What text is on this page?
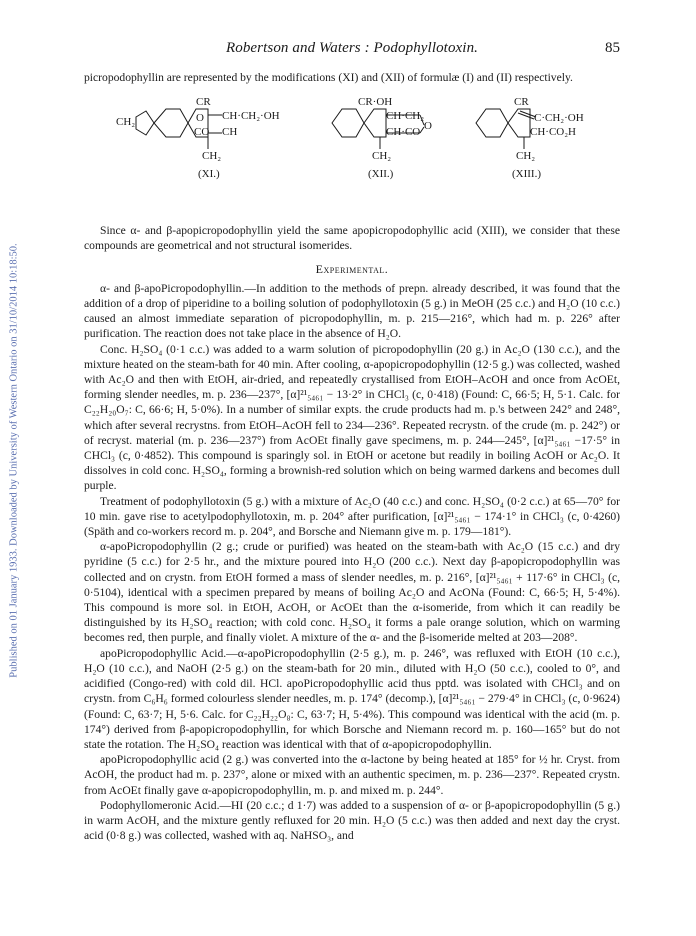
Published on 01 January 1933. Downloaded by University of Western Ontario on 31/10/2014 10:18:50.
Robertson and Waters : Podophyllotoxin.	85

picropodophyllin are represented by the modifications (XI) and (XII) of formulæ (I) and (II) respectively.

CH₂
CR
O CH·CH₂·OH
CO CH
CH₂
(XI.)
CR·OH
CH·CH₂
CH·CO O
CH₂
(XII.)
CR
C·CH₂·OH
CH·CO₂H
CH₂
(XIII.)

Since α- and β-apopicropodophyllin yield the same apopicropodophyllic acid (XIII), we consider that these compounds are geometrical and not structural isomerides.

Experimental.

α- and β-apoPicropodophyllin.—In addition to the methods of prepn. already described, it was found that the addition of a drop of piperidine to a boiling solution of podophyllotoxin (5 g.) in MeOH (25 c.c.) and H₂O (10 c.c.) caused an almost immediate separation of picropodophyllin, m. p. 215—216°, which had m. p. 226° after purification. The reaction does not take place in the absence of H₂O.

Conc. H₂SO₄ (0·1 c.c.) was added to a warm solution of picropodophyllin (20 g.) in Ac₂O (130 c.c.), and the mixture heated on the steam-bath for 40 min. After cooling, α-apopicropodophyllin (12·5 g.) was collected, washed with Ac₂O and then with EtOH, air-dried, and repeatedly crystallised from EtOH–AcOH and once from AcOEt, forming slender needles, m. p. 236—237°, [α]²¹₅₄₆₁ − 13·2° in CHCl₃ (c, 0·418) (Found: C, 66·5; H, 5·1. Calc. for C₂₂H₂₀O₇: C, 66·6; H, 5·0%). In a number of similar expts. the crude products had m. p.'s between 242° and 248°, which after several recrystns. from EtOH–AcOH fell to 234—236°. Repeated recrystn. of the crude (m. p. 242°) or of recryst. material (m. p. 236—237°) from AcOEt finally gave specimens, m. p. 244—245°, [α]²¹₅₄₆₁ −17·5° in CHCl₃ (c, 0·4852). This compound is sparingly sol. in EtOH or acetone but readily in boiling AcOH or Ac₂O. It dissolves in cold conc. H₂SO₄, forming a brownish-red solution which on being warmed darkens and becomes dull purple.

Treatment of podophyllotoxin (5 g.) with a mixture of Ac₂O (40 c.c.) and conc. H₂SO₄ (0·2 c.c.) at 65—70° for 10 min. gave rise to acetylpodophyllotoxin, m. p. 204° after purification, [α]²¹₅₄₆₁ − 174·1° in CHCl₃ (c, 0·4260) (Späth and co-workers record m. p. 204°, and Borsche and Niemann give m. p. 179—181°).

α-apoPicropodophyllin (2 g.; crude or purified) was heated on the steam-bath with Ac₂O (15 c.c.) and dry pyridine (5 c.c.) for 2·5 hr., and the mixture poured into H₂O (200 c.c.). Next day β-apopicropodophyllin was collected and on crystn. from EtOH formed a mass of slender needles, m. p. 216°, [α]²¹₅₄₆₁ + 117·6° in CHCl₃ (c, 0·5104), identical with a specimen prepared by means of boiling Ac₂O and AcONa (Found: C, 66·5; H, 5·4%). This compound is more sol. in EtOH, AcOH, or AcOEt than the α-isomeride, from which it can readily be distinguished by its H₂SO₄ reaction; with cold conc. H₂SO₄ it forms a pale orange solution, which on warming becomes red, then purple, and finally violet. A mixture of the α- and the β-isomeride melted at 203—208°.

apoPicropodophyllic Acid.—α-apoPicropodophyllin (2·5 g.), m. p. 246°, was refluxed with EtOH (10 c.c.), H₂O (10 c.c.), and NaOH (2·5 g.) on the steam-bath for 20 min., diluted with H₂O (50 c.c.), cooled to 0°, and acidified (Congo-red) with cold dil. HCl. apoPicropodophyllic acid thus pptd. was isolated with CHCl₃ and on crystn. from C₆H₆ formed colourless slender needles, m. p. 174° (decomp.), [α]²¹₅₄₆₁ − 279·4° in CHCl₃ (c, 0·9624) (Found: C, 63·7; H, 5·6. Calc. for C₂₂H₂₂O₈: C, 63·7; H, 5·4%). This compound was identical with the acid (m. p. 174°) derived from β-apopicropodophyllin, for which Borsche and Niemann record m. p. 160—165° but do not state the rotation. The H₂SO₄ reaction was identical with that of α-apopicropodophyllin.

apoPicropodophyllic acid (2 g.) was converted into the α-lactone by being heated at 185° for ½ hr. Cryst. from AcOH, the product had m. p. 237°, alone or mixed with an authentic specimen, m. p. 236—237°. Repeated crystn. from AcOEt finally gave α-apopicropodophyllin, m. p. and mixed m. p. 244°.

Podophyllomeronic Acid.—HI (20 c.c.; d 1·7) was added to a suspension of α- or β-apopicropodophyllin (5 g.) in warm AcOH, and the mixture gently refluxed for 20 min. H₂O (5 c.c.) was then added and next day the cryst. acid (0·8 g.) was collected, washed with aq. NaHSO₃, and
